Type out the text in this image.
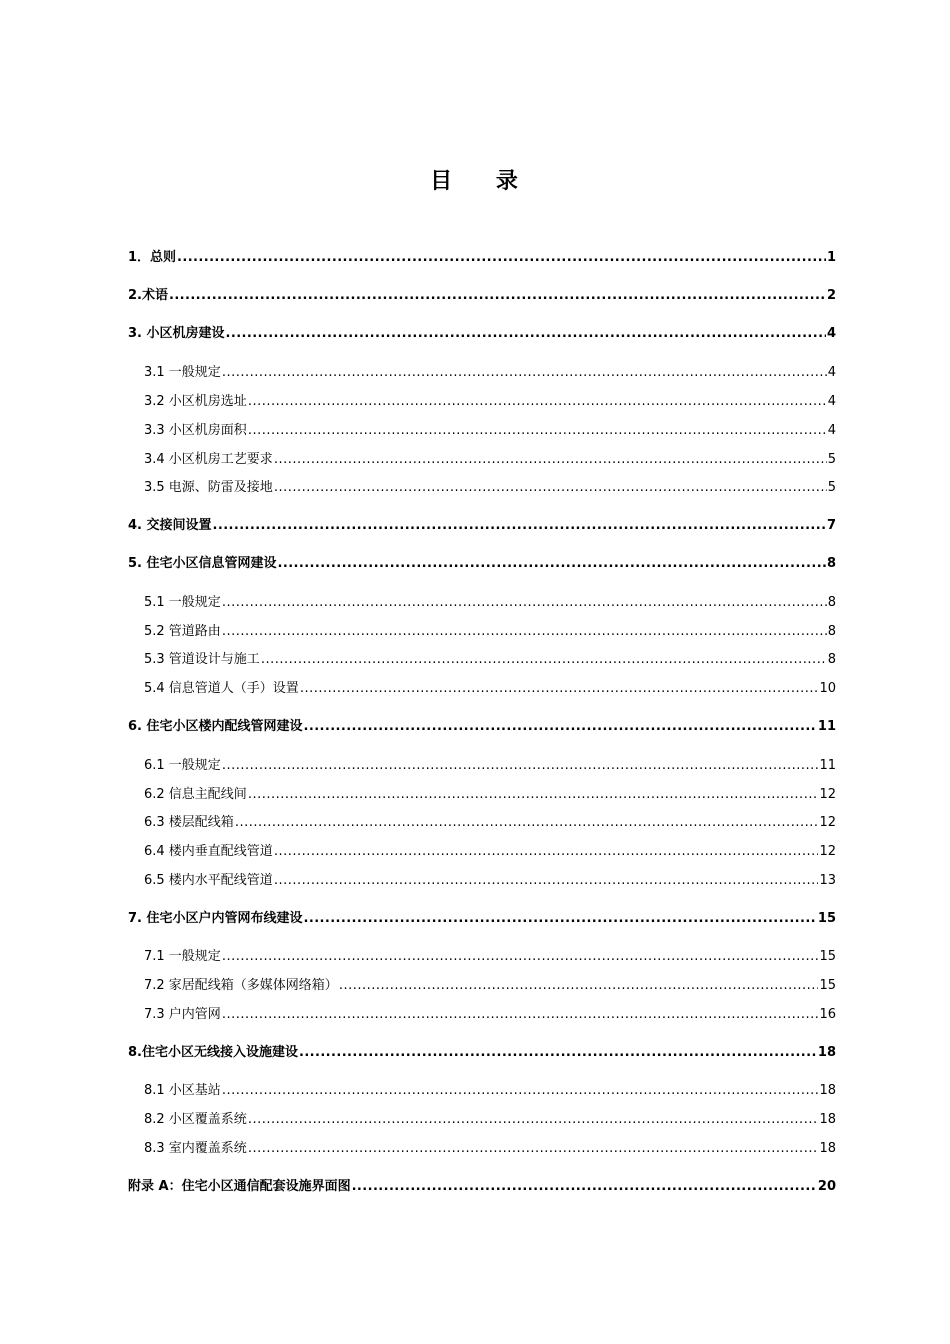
目 录
1．总则 .....	1
2.术语 .....	2
3. 小区机房建设 .....	4
3.1 一般规定 .....	4
3.2 小区机房选址 .....	4
3.3 小区机房面积 .....	4
3.4 小区机房工艺要求 .....	5
3.5 电源、防雷及接地 .....	5
4. 交接间设置 .....	7
5. 住宅小区信息管网建设 .....	8
5.1 一般规定 .....	8
5.2 管道路由 .....	8
5.3 管道设计与施工 .....	8
5.4 信息管道人（手）设置 .....	10
6. 住宅小区楼内配线管网建设 .....	11
6.1 一般规定 .....	11
6.2 信息主配线间 .....	12
6.3 楼层配线箱 .....	12
6.4 楼内垂直配线管道 .....	12
6.5 楼内水平配线管道 .....	13
7. 住宅小区户内管网布线建设 .....	15
7.1 一般规定 .....	15
7.2 家居配线箱（多媒体网络箱） .....	15
7.3 户内管网 .....	16
8.住宅小区无线接入设施建设 .....	18
8.1 小区基站 .....	18
8.2 小区覆盖系统 .....	18
8.3 室内覆盖系统 .....	18
附录 A：住宅小区通信配套设施界面图 .....	20
